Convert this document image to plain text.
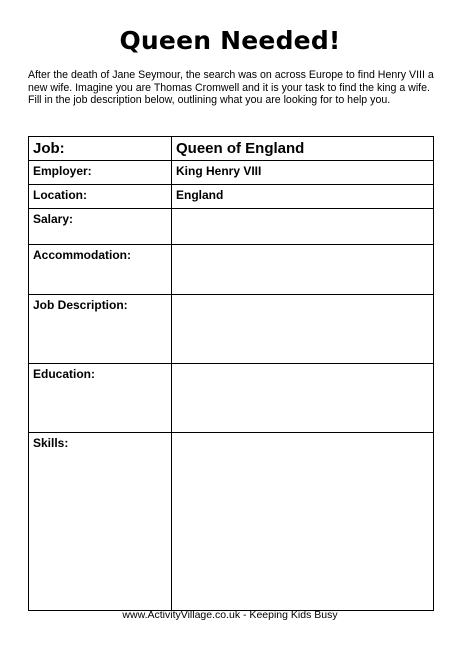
Queen Needed!

After the death of Jane Seymour, the search was on across Europe to find Henry VIII a new wife. Imagine you are Thomas Cromwell and it is your task to find the king a wife. Fill in the job description below, outlining what you are looking for to help you.

Job:	Queen of England
Employer:	King Henry VIII
Location:	England
Salary:	
Accommodation:	
Job Description:	
Education:	
Skills:	
www.ActivityVillage.co.uk - Keeping Kids Busy
